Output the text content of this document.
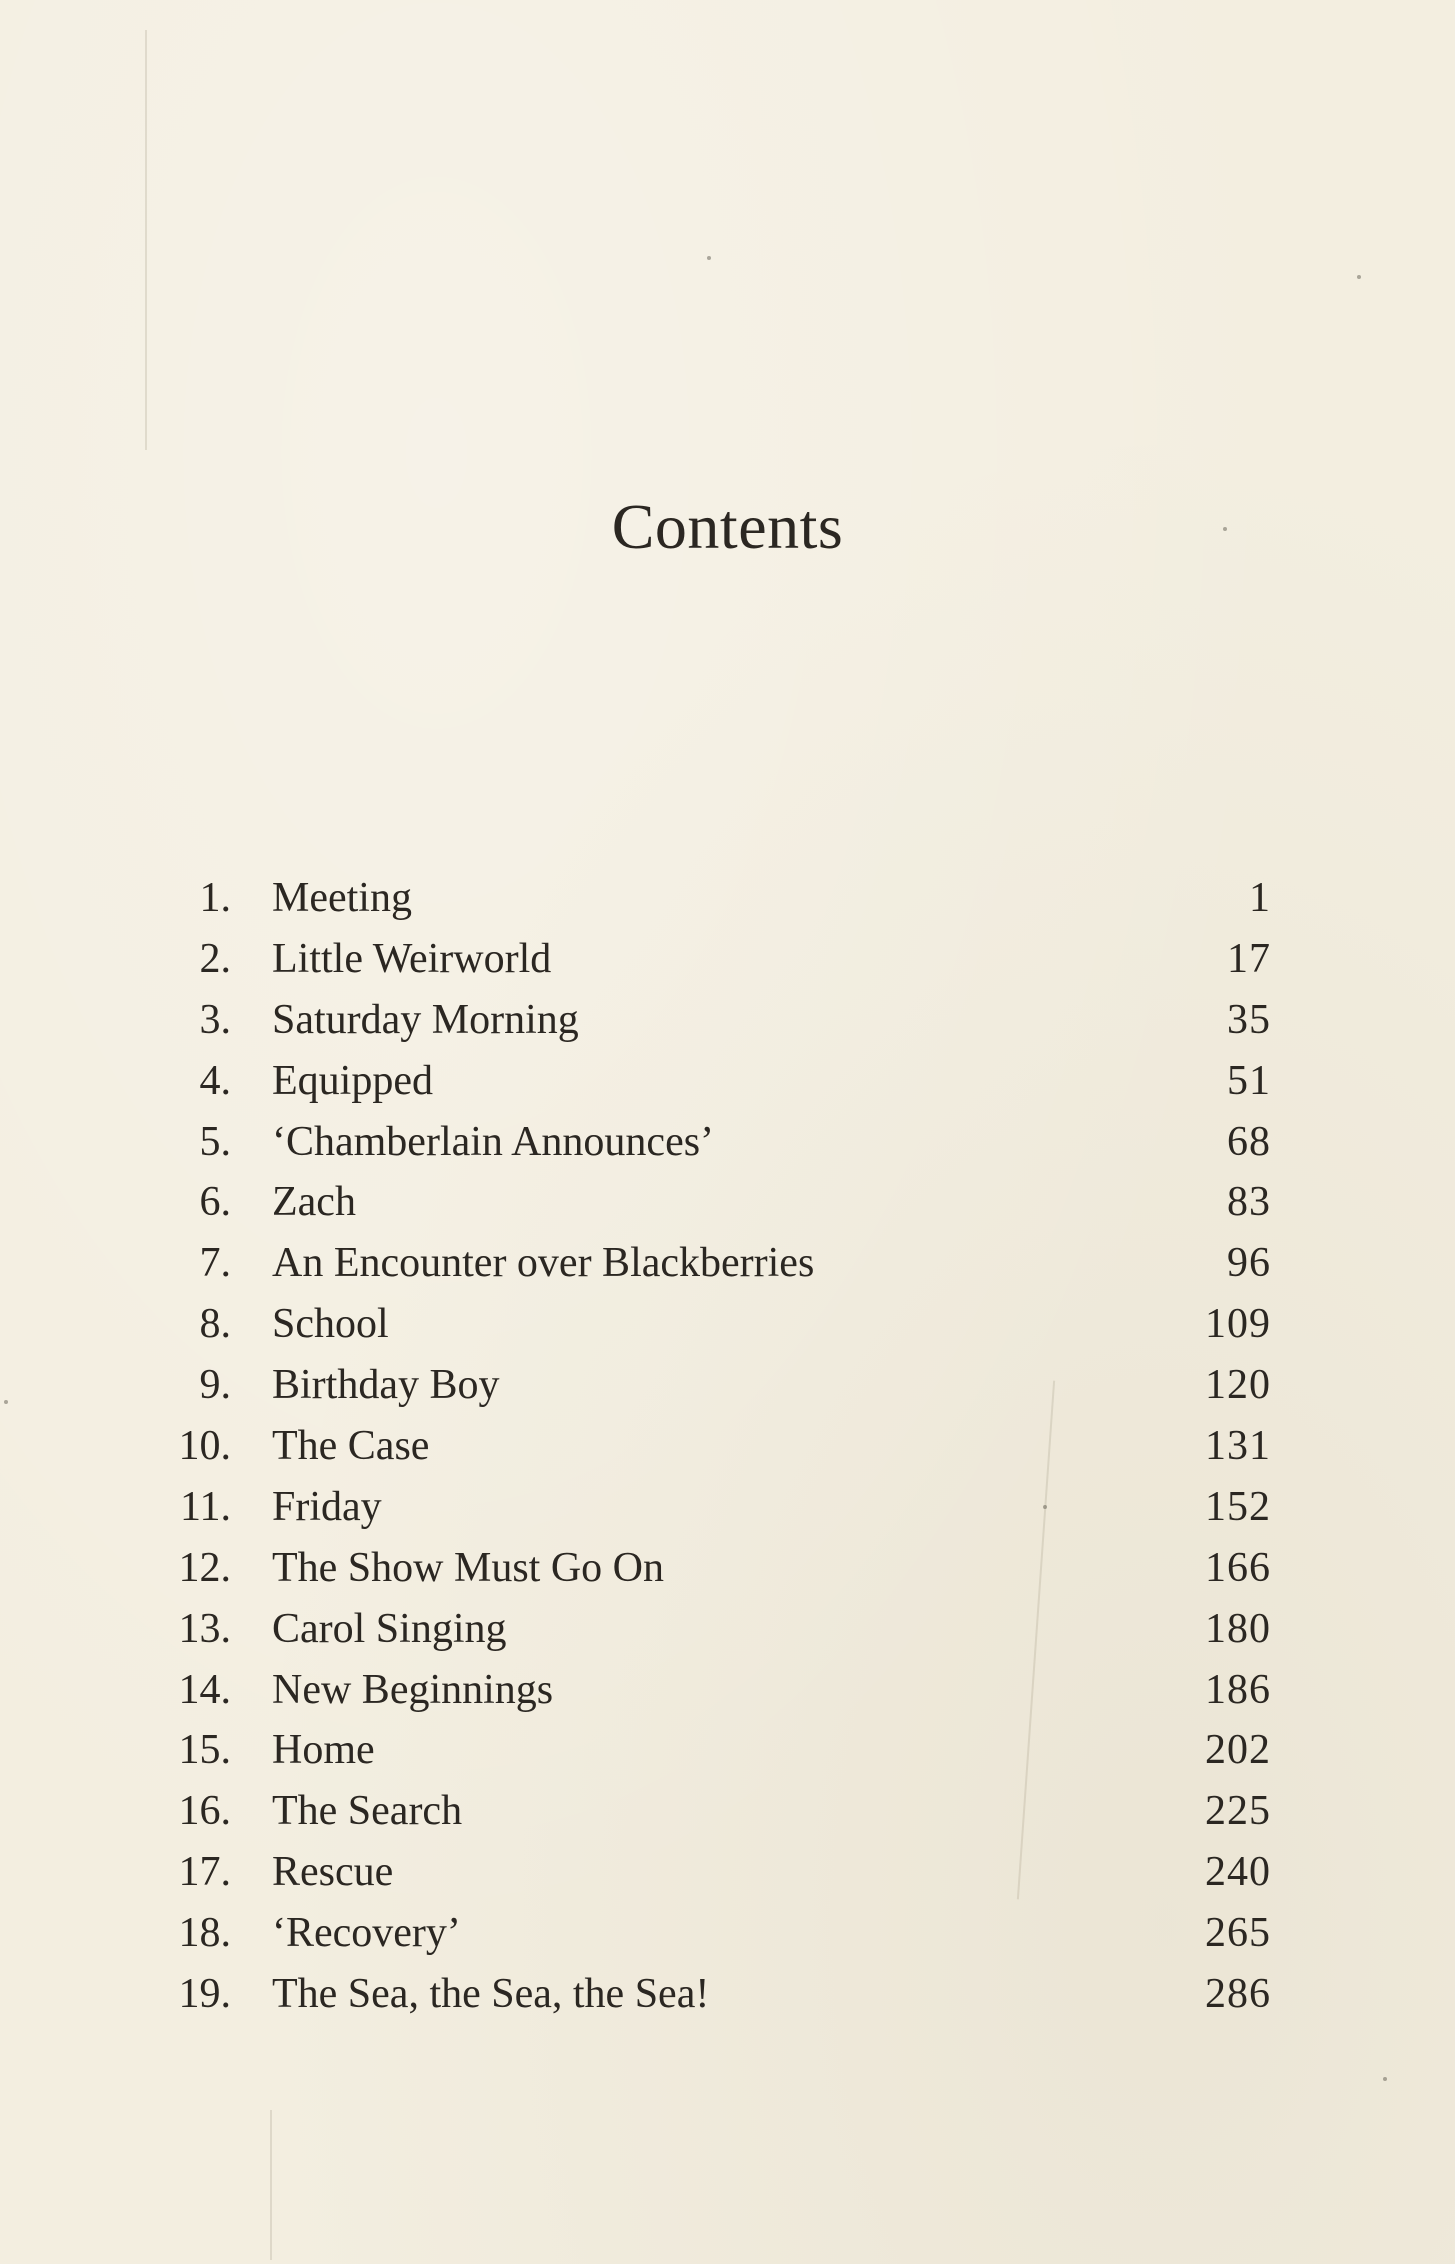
Contents
1. Meeting	1
2. Little Weirworld	17
3. Saturday Morning	35
4. Equipped	51
5. ‘Chamberlain Announces’	68
6. Zach	83
7. An Encounter over Blackberries	96
8. School	109
9. Birthday Boy	120
10. The Case	131
11. Friday	152
12. The Show Must Go On	166
13. Carol Singing	180
14. New Beginnings	186
15. Home	202
16. The Search	225
17. Rescue	240
18. ‘Recovery’	265
19. The Sea, the Sea, the Sea!	286
